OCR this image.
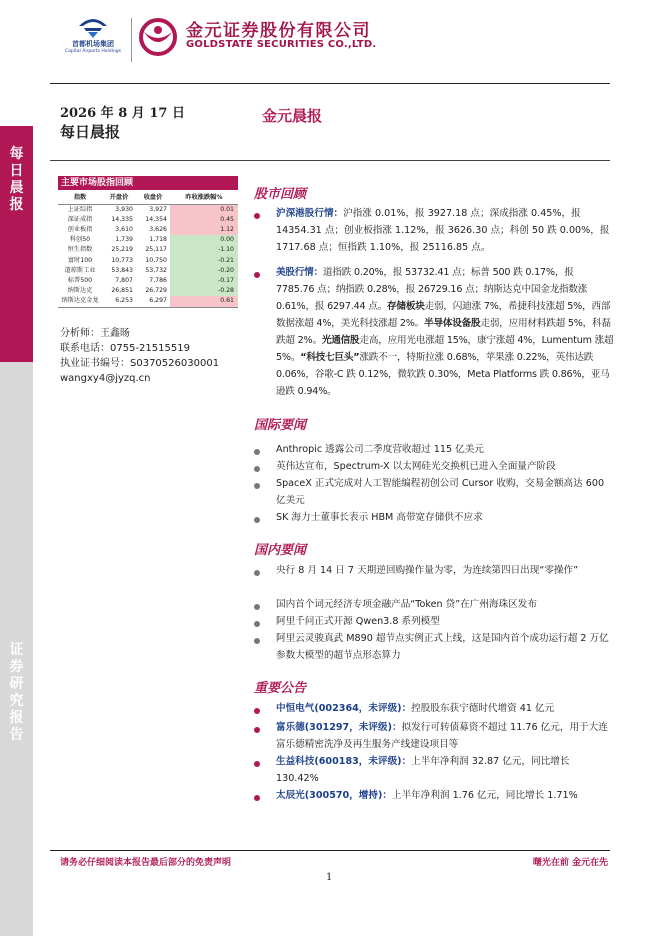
首都机场集团
Capital Airports Holdings
金元证券股份有限公司
GOLDSTATE SECURITIES CO.,LTD.
每
日
晨
报
证
券
研
究
报
告
2026 年 8 月 17 日
每日晨报
金元晨报
主要市场股指回顾
指数	开盘价	收盘价	昨收涨跌幅%
上证综指	3,930	3,927	0.01
深证成指	14,335	14,354	0.45
创业板指	3,610	3,626	1.12
科创50	1,739	1,718	0.00
恒生指数	25,219	25,117	-1.10
富时100	10,773	10,750	-0.21
道琼斯工业	53,843	53,732	-0.20
标普500	7,807	7,786	-0.17
纳斯达克	26,851	26,729	-0.28
纳斯达克金龙	6,253	6,297	0.61
分析师：王鑫旸
联系电话：0755-21515519
执业证书编号：S0370526030001
wangxy4@jyzq.cn
股市回顾
沪深港股行情：沪指涨 0.01%，报 3927.18 点；深成指涨 0.45%，报 14354.31 点；创业板指涨 1.12%，报 3626.30 点；科创 50 跌 0.00%，报 1717.68 点；恒指跌 1.10%，报 25116.85 点。
美股行情：道指跌 0.20%，报 53732.41 点；标普 500 跌 0.17%，报 7785.76 点；纳指跌 0.28%，报 26729.16 点；纳斯达克中国金龙指数涨 0.61%，报 6297.44 点。存储板块走弱，闪迪涨 7%，希捷科技涨超 5%，西部数据涨超 4%，美光科技涨超 2%。半导体设备股走弱，应用材料跌超 5%，科磊跌超 2%。光通信股走高，应用光电涨超 15%，康宁涨超 4%，Lumentum 涨超 5%。“科技七巨头”涨跌不一，特斯拉涨 0.68%，苹果涨 0.22%，英伟达跌 0.06%，谷歌-C 跌 0.12%，微软跌 0.30%，Meta Platforms 跌 0.86%，亚马逊跌 0.94%。
国际要闻
Anthropic 透露公司二季度营收超过 115 亿美元
英伟达宣布，Spectrum-X 以太网硅光交换机已进入全面量产阶段
SpaceX 正式完成对人工智能编程初创公司 Cursor 收购，交易金额高达 600 亿美元
SK 海力士董事长表示 HBM 高带宽存储供不应求
国内要闻
央行 8 月 14 日 7 天期逆回购操作量为零，为连续第四日出现“零操作”
国内首个词元经济专项金融产品“Token 贷”在广州海珠区发布
阿里千问正式开源 Qwen3.8 系列模型
阿里云灵骏真武 M890 超节点实例正式上线，这是国内首个成功运行超 2 万亿参数大模型的超节点形态算力
重要公告
中恒电气(002364，未评级)：控股股东获宁德时代增资 41 亿元
富乐德(301297，未评级)：拟发行可转债募资不超过 11.76 亿元，用于大连富乐德精密洗净及再生服务产线建设项目等
生益科技(600183，未评级)：上半年净利润 32.87 亿元，同比增长 130.42%
太辰光(300570，增持)：上半年净利润 1.76 亿元，同比增长 1.71%
请务必仔细阅读本报告最后部分的免责声明	曙光在前 金元在先
1
